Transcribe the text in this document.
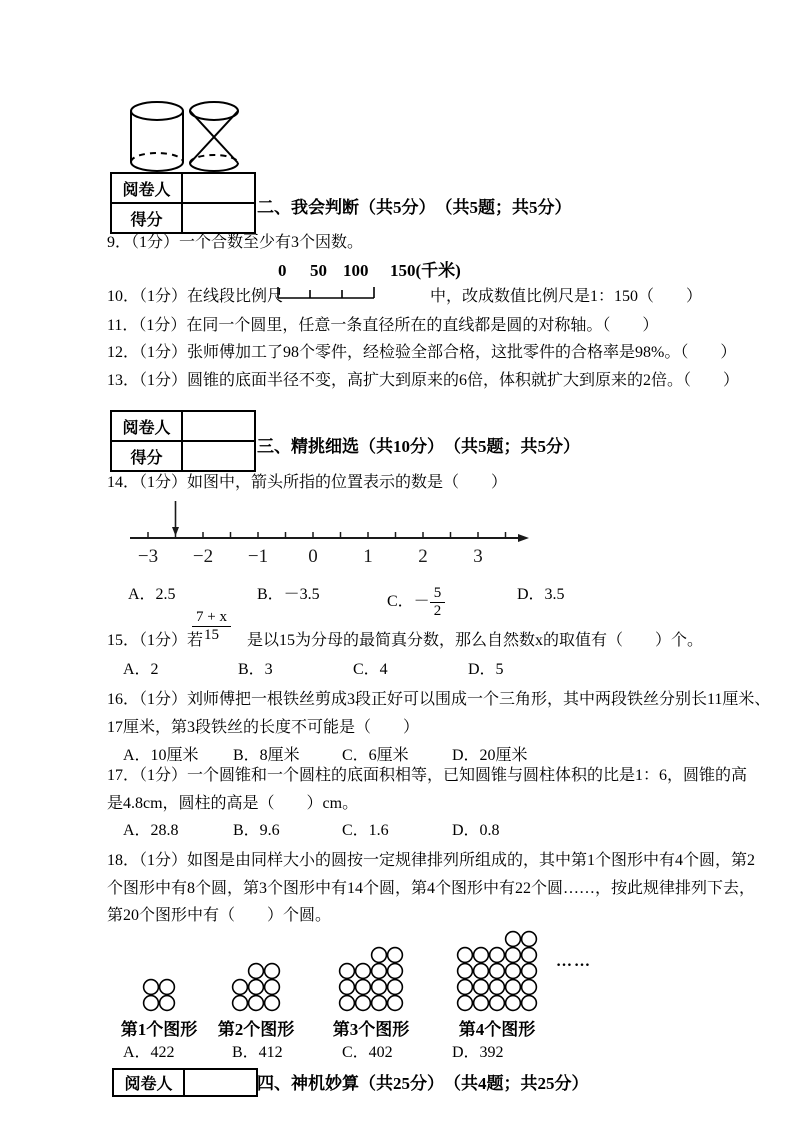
阅卷人
得分
二、我会判断（共5分）　（共5题；共5分）
9．（1分）一个合数至少有3个因数。
0 50 100 150(千米)
10．（1分）在线段比例尺	中，改成数值比例尺是1：150（　　）
11．（1分）在同一个圆里，任意一条直径所在的直线都是圆的对称轴。（　　）
12．（1分）张师傅加工了98个零件，经检验全部合格，这批零件的合格率是98%。（　　）
13．（1分）圆锥的底面半径不变，高扩大到原来的6倍，体积就扩大到原来的2倍。（　　）
阅卷人
得分
三、精挑细选（共10分）　（共5题；共5分）
14．（1分）如图中，箭头所指的位置表示的数是（　　）
−3 −2 −1 0 1 2 3
A．2.5	B．－3.5	C．－ $\frac{5}{2}$	D．3.5
7 + x
15
15．（1分）若	是以15为分母的最简真分数，那么自然数x的取值有（　　）个。
A．2	B．3	C．4	D．5
16．（1分）刘师傅把一根铁丝剪成3段正好可以围成一个三角形，其中两段铁丝分别长11厘米、
17厘米，第3段铁丝的长度不可能是（　　）
A．10厘米 B．8厘米	C．6厘米	D．20厘米
17．（1分）一个圆锥和一个圆柱的底面积相等，已知圆锥与圆柱体积的比是1：6，圆锥的高
是4.8cm，圆柱的高是（　　）cm。
A．28.8	B．9.6	C．1.6	D．0.8
18．（1分）如图是由同样大小的圆按一定规律排列所组成的，其中第1个图形中有4个圆，第2
个图形中有8个圆，第3个图形中有14个圆，第4个图形中有22个圆……，按此规律排列下去，
第20个图形中有（　　）个圆。
第1个图形 第2个图形 第3个图形	第4个图形
……
A．422	B．412	C．402	D．392
阅卷人	四、神机妙算（共25分）　（共4题；共25分）
